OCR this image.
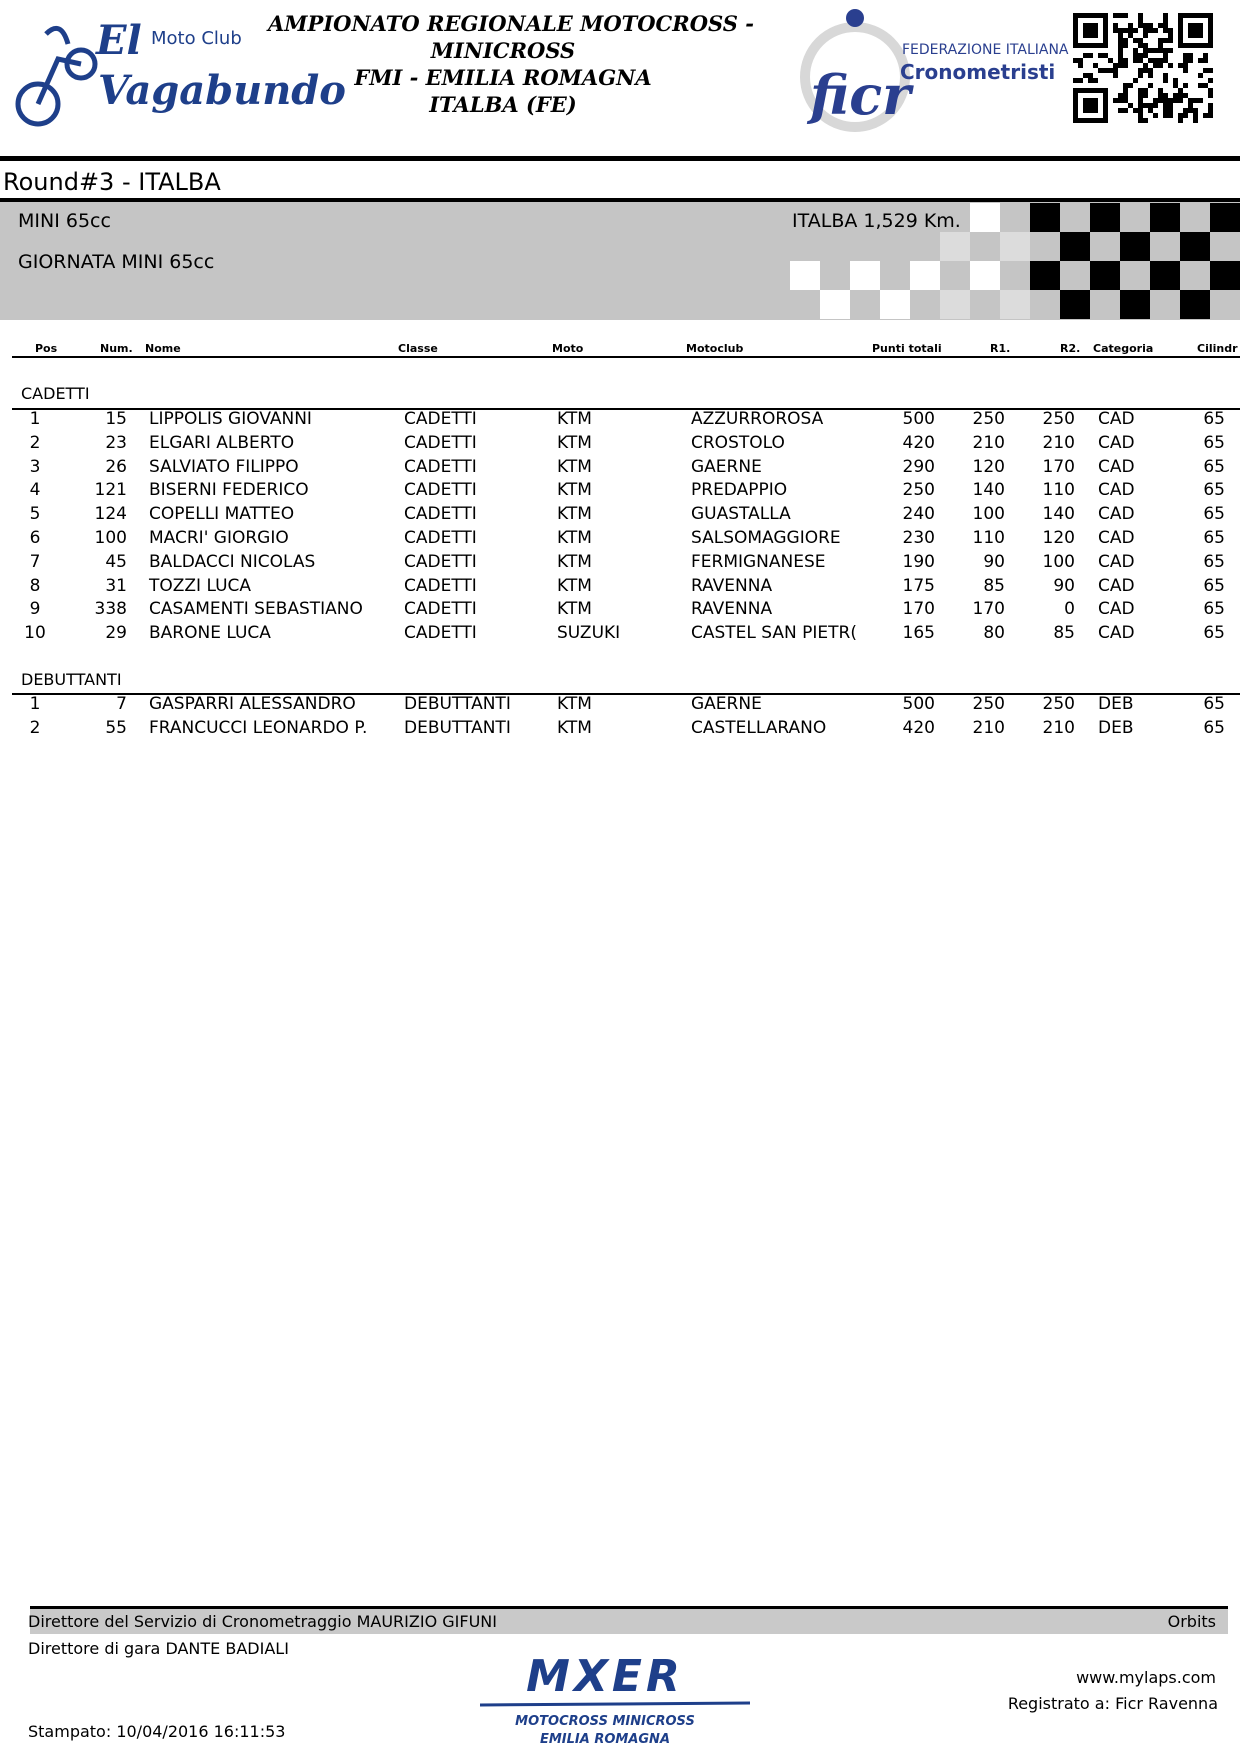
El Moto Club
Vagabundo
AMPIONATO REGIONALE MOTOCROSS -
MINICROSS
FMI - EMILIA ROMAGNA
ITALBA (FE)
FEDERAZIONE ITALIANA
Cronometristi
ficr
Round#3 - ITALBA
MINI 65cc
GIORNATA MINI 65cc
ITALBA 1,529 Km.
Pos	Num. Nome	Classe	Moto	Motoclub	Punti totali	R1.	R2. Categoria	Cilindr
CADETTI
1	15 LIPPOLIS GIOVANNI	CADETTI	KTM	AZZURROROSA	500	250	250 CAD	65
2	23 ELGARI ALBERTO	CADETTI	KTM	CROSTOLO	420	210	210 CAD	65
3	26 SALVIATO FILIPPO	CADETTI	KTM	GAERNE	290	120	170 CAD	65
4	121 BISERNI FEDERICO	CADETTI	KTM	PREDAPPIO	250	140	110 CAD	65
5	124 COPELLI MATTEO	CADETTI	KTM	GUASTALLA	240	100	140 CAD	65
6	100 MACRI' GIORGIO	CADETTI	KTM	SALSOMAGGIORE	230	110	120 CAD	65
7	45 BALDACCI NICOLAS	CADETTI	KTM	FERMIGNANESE	190	90	100 CAD	65
8	31 TOZZI LUCA	CADETTI	KTM	RAVENNA	175	85	90 CAD	65
9	338 CASAMENTI SEBASTIANO	CADETTI	KTM	RAVENNA	170	170	0 CAD	65
10	29 BARONE LUCA	CADETTI	SUZUKI	CASTEL SAN PIETR(	165	80	85 CAD	65
DEBUTTANTI
1	7 GASPARRI ALESSANDRO	DEBUTTANTI	KTM	GAERNE	500	250	250 DEB	65
2	55 FRANCUCCI LEONARDO P.	DEBUTTANTI	KTM	CASTELLARANO	420	210	210 DEB	65
Direttore del Servizio di Cronometraggio MAURIZIO GIFUNI	Orbits
Direttore di gara DANTE BADIALI
MXER
MOTOCROSS MINICROSS
EMILIA ROMAGNA
www.mylaps.com
Registrato a: Ficr Ravenna
Stampato: 10/04/2016 16:11:53
